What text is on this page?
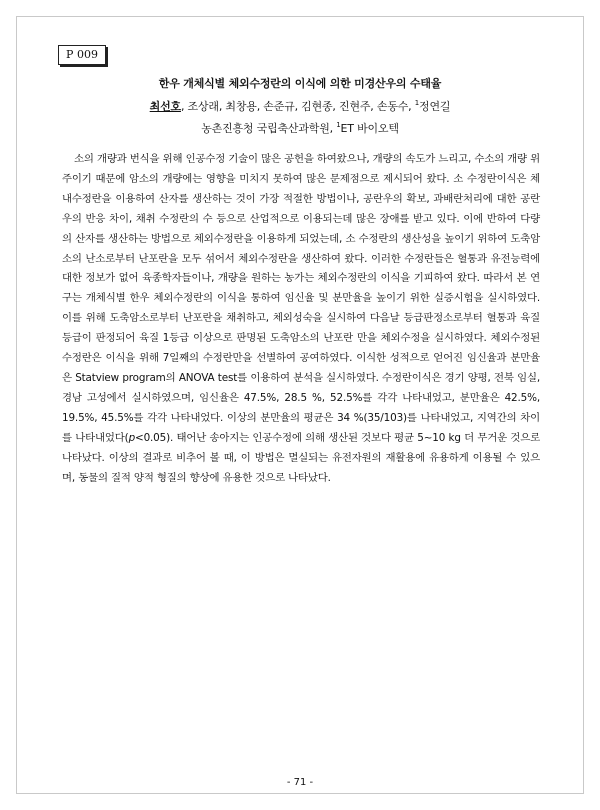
P 009
한우 개체식별 체외수정란의 이식에 의한 미경산우의 수태율
최선호, 조상래, 최창용, 손준규, 김현종, 진현주, 손동수, $^1$정연길
농촌진흥청 국립축산과학원, $^1$ET 바이오텍

소의 개량과 번식을 위해 인공수정 기술이 많은 공헌을 하여왔으나, 개량의 속도가 느리고, 수소의 개량 위주이기 때문에 암소의 개량에는 영향을 미치지 못하여 많은 문제점으로 제시되어 왔다. 소 수정란이식은 체내수정란을 이용하여 산자를 생산하는 것이 가장 적절한 방법이나, 공란우의 확보, 과배란처리에 대한 공란우의 반응 차이, 채취 수정란의 수 등으로 산업적으로 이용되는데 많은 장애를 받고 있다. 이에 반하여 다량의 산자를 생산하는 방법으로 체외수정란을 이용하게 되었는데, 소 수정란의 생산성을 높이기 위하여 도축암소의 난소로부터 난포란을 모두 섞어서 체외수정란을 생산하여 왔다. 이러한 수정란들은 혈통과 유전능력에 대한 정보가 없어 육종학자들이나, 개량을 원하는 농가는 체외수정란의 이식을 기피하여 왔다. 따라서 본 연구는 개체식별 한우 체외수정란의 이식을 통하여 임신율 및 분만율을 높이기 위한 실증시험을 실시하였다. 이를 위해 도축암소로부터 난포란을 채취하고, 체외성숙을 실시하여 다음날 등급판정소로부터 혈통과 육질등급이 판정되어 육질 1등급 이상으로 판명된 도축암소의 난포란 만을 체외수정을 실시하였다. 체외수정된 수정란은 이식을 위해 7일째의 수정란만을 선별하여 공여하였다. 이식한 성적으로 얻어진 임신율과 분만율은 Statview program의 ANOVA test를 이용하여 분석을 실시하였다. 수정란이식은 경기 양평, 전북 임실, 경남 고성에서 실시하였으며, 임신율은 47.5%, 28.5 %, 52.5%를 각각 나타내었고, 분만율은 42.5%, 19.5%, 45.5%를 각각 나타내었다. 이상의 분만율의 평균은 34 %(35/103)를 나타내었고, 지역간의 차이를 나타내었다(p<0.05). 태어난 송아지는 인공수정에 의해 생산된 것보다 평균 5∼10 kg 더 무거운 것으로 나타났다. 이상의 결과로 비추어 볼 때, 이 방법은 멸실되는 유전자원의 재활용에 유용하게 이용될 수 있으며, 동물의 질적 양적 형질의 향상에 유용한 것으로 나타났다.

- 71 -
